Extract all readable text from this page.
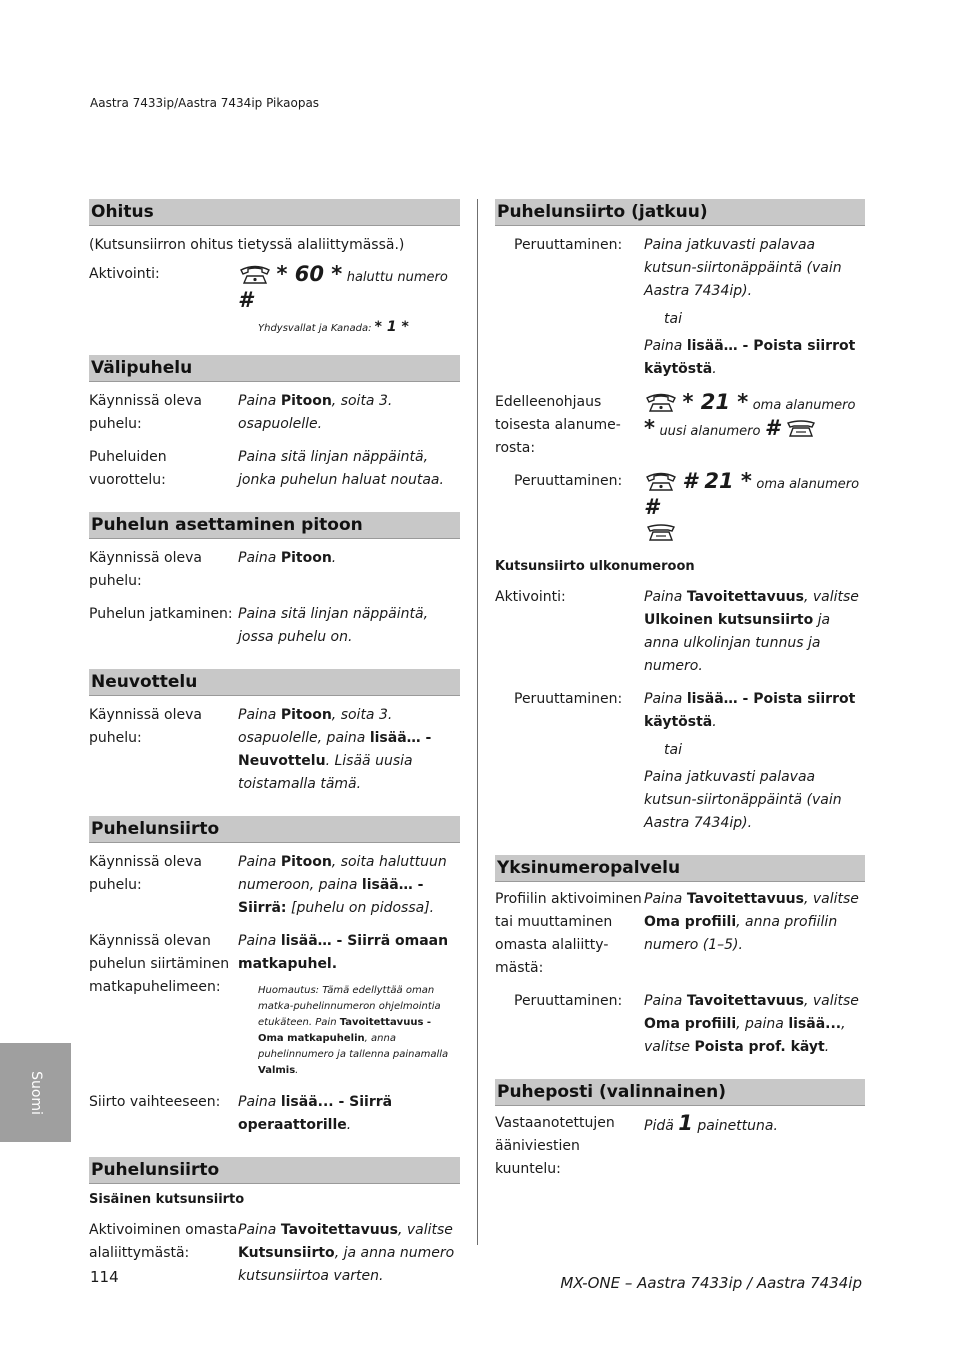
Aastra 7433ip/Aastra 7434ip Pikaopas
Ohitus
(Kutsunsiirron ohitus tietyssä alaliittymässä.)
Aktivointi:	* 60 * haluttu numero #
Yhdysvallat ja Kanada: * 1 *
Välipuhelu
Käynnissä oleva puhelu:
Paina Pitoon, soita 3. osapuolelle.
Puheluiden vuorottelu:
Paina sitä linjan näppäintä, jonka puhelun haluat noutaa.
Puhelun asettaminen pitoon
Käynnissä oleva puhelu:
Paina Pitoon.
Puhelun jatkaminen: Paina sitä linjan näppäintä, jossa puhelu on.
Neuvottelu
Käynnissä oleva puhelu:
Paina Pitoon, soita 3. osapuolelle, paina lisää… - Neuvottelu. Lisää uusia toistamalla tämä.
Puhelunsiirto
Käynnissä oleva puhelu:
Paina Pitoon, soita haluttuun numeroon, paina lisää… - Siirrä: [puhelu on pidossa].
Käynnissä olevan puhelun siirtäminen matkapuhelimeen:
Paina lisää… - Siirrä omaan matkapuhel.
Huomautus: Tämä edellyttää oman matka-puhelinnumeron ohjelmointia etukäteen. Pain Tavoitettavuus - Oma matkapuhelin, anna puhelinnumero ja tallenna painamalla Valmis.
Siirto vaihteeseen:	Paina lisää... - Siirrä operaattorille.
Puhelunsiirto
Sisäinen kutsunsiirto
Aktivoiminen omasta alaliittymästä:
Paina Tavoitettavuus, valitse Kutsunsiirto, ja anna numero kutsunsiirtoa varten.
Puhelunsiirto (jatkuu)
Peruuttaminen:	Paina jatkuvasti palavaa kutsun-siirtonäppäintä (vain Aastra 7434ip).
tai
Paina lisää… - Poista siirrot käytöstä.
Edelleenohjaus toisesta alanume-rosta:
* 21 * oma alanumero * uusi alanumero #
Peruuttaminen:	# 21 * oma alanumero #

Kutsunsiirto ulkonumeroon
Aktivointi:	Paina Tavoitettavuus, valitse Ulkoinen kutsunsiirto ja anna ulkolinjan tunnus ja numero.
Peruuttaminen:	Paina lisää… - Poista siirrot käytöstä.
tai
Paina jatkuvasti palavaa kutsun-siirtonäppäintä (vain Aastra 7434ip).
Yksinumeropalvelu
Profiilin aktivoiminen tai muuttaminen omasta alaliitty-mästä:
Paina Tavoitettavuus, valitse Oma profiili, anna profiilin numero (1–5).
Peruuttaminen:	Paina Tavoitettavuus, valitse Oma profiili, paina lisää..., valitse Poista prof. käyt.
Puheposti (valinnainen)
Vastaanotettujen ääniviestien kuuntelu:
Pidä 1 painettuna.
Suomi
114	MX-ONE – Aastra 7433ip / Aastra 7434ip
